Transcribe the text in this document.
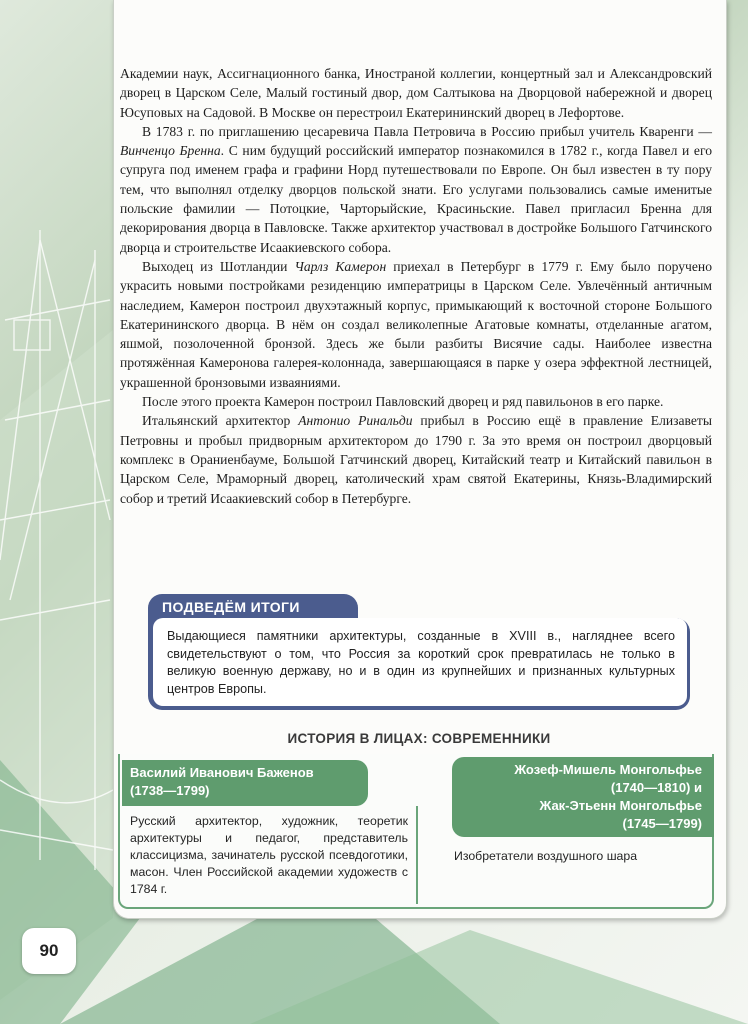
Академии наук, Ассигнационного банка, Иностраной коллегии, концертный зал и Александровский дворец в Царском Селе, Малый гостиный двор, дом Салтыкова на Дворцовой набережной и дворец Юсуповых на Садовой. В Москве он перестроил Екатерининский дворец в Лефортове.

В 1783 г. по приглашению цесаревича Павла Петровича в Россию прибыл учитель Кваренги — Винченцо Бренна. С ним будущий российский император познакомился в 1782 г., когда Павел и его супруга под именем графа и графини Норд путешествовали по Европе. Он был известен в ту пору тем, что выполнял отделку дворцов польской знати. Его услугами пользовались самые именитые польские фамилии — Потоцкие, Чарторыйские, Красиньские. Павел пригласил Бренна для декорирования дворца в Павловске. Также архитектор участвовал в достройке Большого Гатчинского дворца и строительстве Исаакиевского собора.

Выходец из Шотландии Чарлз Камерон приехал в Петербург в 1779 г. Ему было поручено украсить новыми постройками резиденцию императрицы в Царском Селе. Увлечённый античным наследием, Камерон построил двухэтажный корпус, примыкающий к восточной стороне Большого Екатерининского дворца. В нём он создал великолепные Агатовые комнаты, отделанные агатом, яшмой, позолоченной бронзой. Здесь же были разбиты Висячие сады. Наиболее известна протяжённая Камеронова галерея-колоннада, завершающаяся в парке у озера эффектной лестницей, украшенной бронзовыми изваяниями.

После этого проекта Камерон построил Павловский дворец и ряд павильонов в его парке.

Итальянский архитектор Антонио Ринальди прибыл в Россию ещё в правление Елизаветы Петровны и пробыл придворным архитектором до 1790 г. За это время он построил дворцовый комплекс в Ораниенбауме, Большой Гатчинский дворец, Китайский театр и Китайский павильон в Царском Селе, Мраморный дворец, католический храм святой Екатерины, Князь-Владимирский собор и третий Исаакиевский собор в Петербурге.

ПОДВЕДЁМ ИТОГИ
Выдающиеся памятники архитектуры, созданные в XVIII в., нагляднее всего свидетельствуют о том, что Россия за короткий срок превратилась не только в великую военную державу, но и в один из крупнейших и признанных культурных центров Европы.
ИСТОРИЯ В ЛИЦАХ: СОВРЕМЕННИКИ
Василий Иванович Баженов
(1738—1799)
Русский архитектор, художник, теоретик архитектуры и педагог, представитель классицизма, зачинатель русской псевдоготики, масон. Член Российской академии художеств с 1784 г.
Жозеф-Мишель Монгольфье
(1740—1810) и
Жак-Этьенн Монгольфье
(1745—1799)
Изобретатели воздушного шара
90
